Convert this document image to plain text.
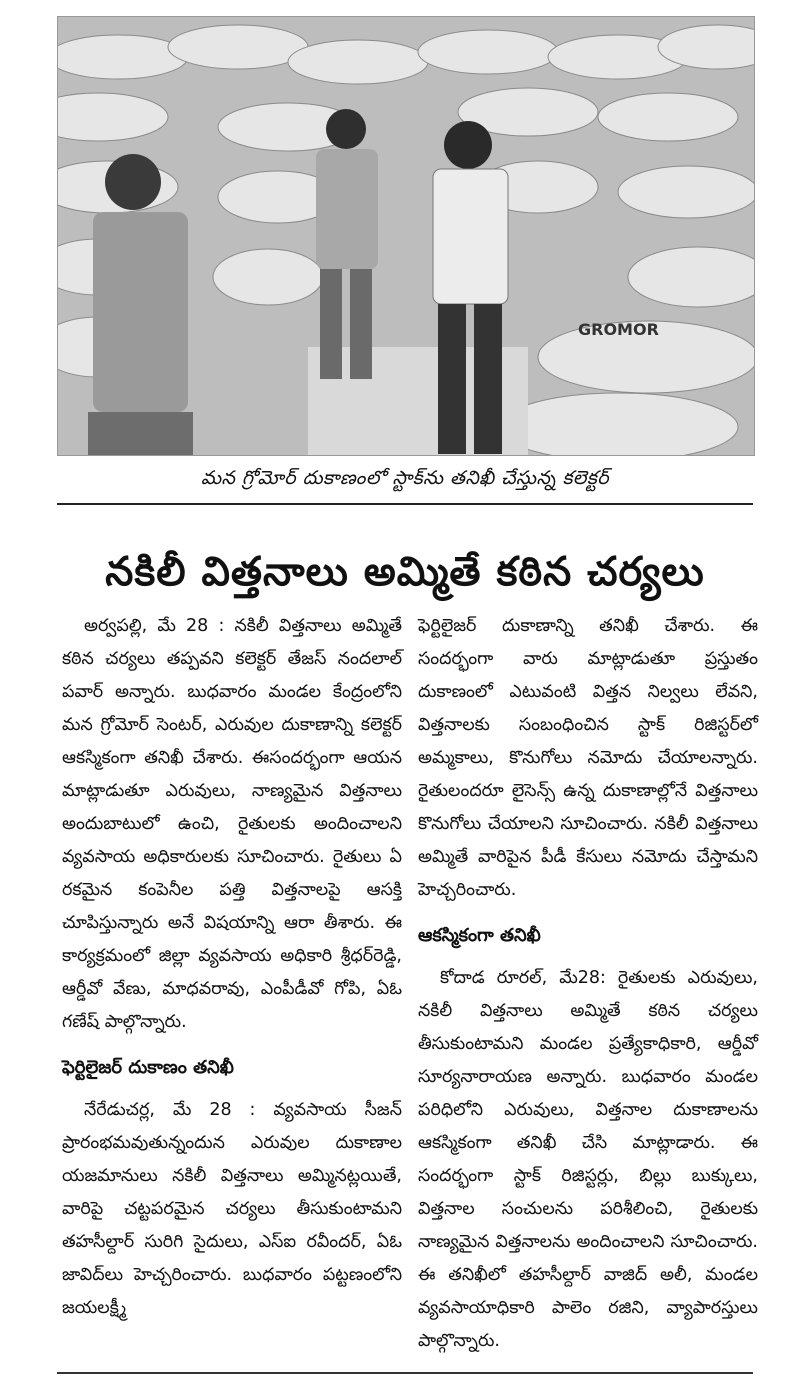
GROMOR
మన గ్రోమోర్ దుకాణంలో స్టాక్‌ను తనిఖీ చేస్తున్న కలెక్టర్
నకిలీ విత్తనాలు అమ్మితే కఠిన చర్యలు

అర్వపల్లి, మే 28 : నకిలీ విత్తనాలు అమ్మితే కఠిన చర్యలు తప్పవని కలెక్టర్ తేజస్ నందలాల్ పవార్ అన్నారు. బుధవారం మండల కేంద్రంలోని మన గ్రోమోర్ సెంటర్, ఎరువుల దుకాణాన్ని కలెక్టర్ ఆకస్మికంగా తనిఖీ చేశారు. ఈసందర్భంగా ఆయన మాట్లాడుతూ ఎరువులు, నాణ్యమైన విత్తనాలు అందుబాటులో ఉంచి, రైతులకు అందించాలని వ్యవసాయ అధికారులకు సూచించారు. రైతులు ఏ రకమైన కంపెనీల పత్తి విత్తనాలపై ఆసక్తి చూపిస్తున్నారు అనే విషయాన్ని ఆరా తీశారు. ఈ కార్యక్రమంలో జిల్లా వ్యవసాయ అధికారి శ్రీధర్‌రెడ్డి, ఆర్డీవో వేణు, మాధవరావు, ఎంపీడీవో గోపి, ఏఓ గణేష్ పాల్గొన్నారు.

ఫెర్టిలైజర్ దుకాణం తనిఖీ

నేరేడుచర్ల, మే 28 : వ్యవసాయ సీజన్ ప్రారంభమవుతున్నందున ఎరువుల దుకాణాల యజమానులు నకిలీ విత్తనాలు అమ్మినట్లయితే, వారిపై చట్టపరమైన చర్యలు తీసుకుంటామని తహసీల్దార్ సురిగి సైదులు, ఎస్ఐ రవీందర్, ఏఓ జావిద్‌లు హెచ్చరించారు. బుధవారం పట్టణంలోని జయలక్ష్మీ

ఫెర్టిలైజర్ దుకాణాన్ని తనిఖీ చేశారు. ఈ సందర్భంగా వారు మాట్లాడుతూ ప్రస్తుతం దుకాణంలో ఎటువంటి విత్తన నిల్వలు లేవని, విత్తనాలకు సంబంధించిన స్టాక్ రిజిస్టర్‌లో అమ్మకాలు, కొనుగోలు నమోదు చేయాలన్నారు. రైతులందరూ లైసెన్స్ ఉన్న దుకాణాల్లోనే విత్తనాలు కొనుగోలు చేయాలని సూచించారు. నకిలీ విత్తనాలు అమ్మితే వారిపైన పీడీ కేసులు నమోదు చేస్తామని హెచ్చరించారు.

ఆకస్మికంగా తనిఖీ

కోదాడ రూరల్, మే28: రైతులకు ఎరువులు, నకిలీ విత్తనాలు అమ్మితే కఠిన చర్యలు తీసుకుంటామని మండల ప్రత్యేకాధికారి, ఆర్డీవో సూర్యనారాయణ అన్నారు. బుధవారం మండల పరిధిలోని ఎరువులు, విత్తనాల దుకాణాలను ఆకస్మికంగా తనిఖీ చేసి మాట్లాడారు. ఈ సందర్భంగా స్టాక్ రిజిస్టర్లు, బిల్లు బుక్కులు, విత్తనాల సంచులను పరిశీలించి, రైతులకు నాణ్యమైన విత్తనాలను అందించాలని సూచించారు. ఈ తనిఖీలో తహసీల్దార్ వాజిద్ అలీ, మండల వ్యవసాయాధికారి పాలెం రజిని, వ్యాపారస్తులు పాల్గొన్నారు.
